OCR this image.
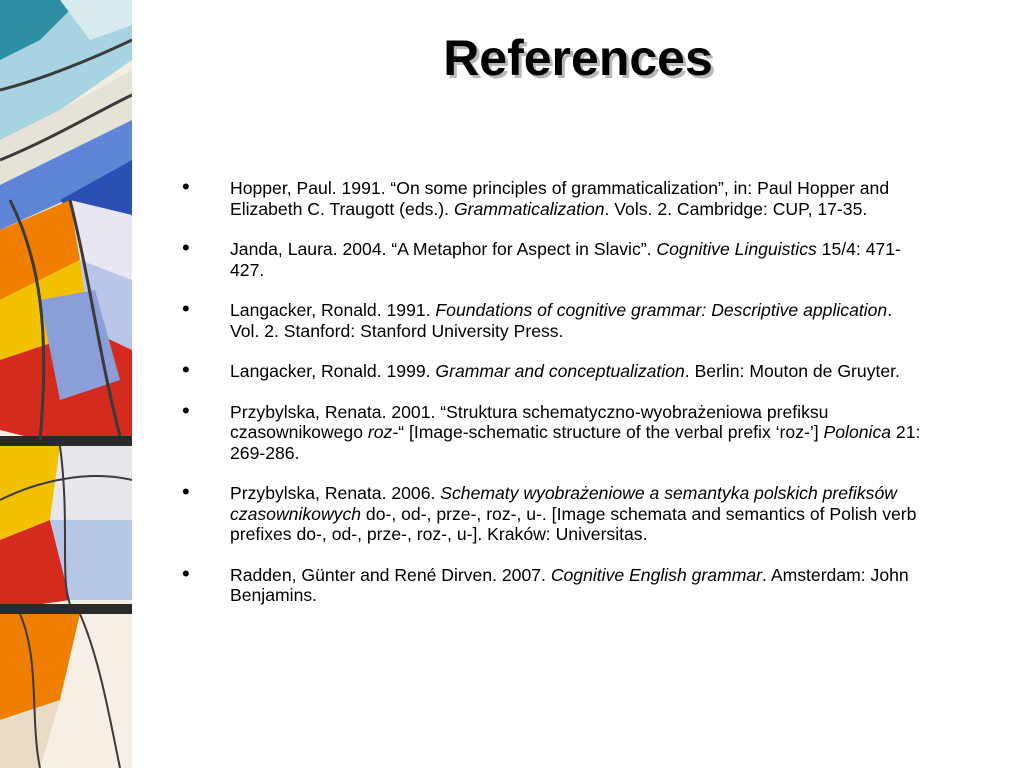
References
• Hopper, Paul. 1991. “On some principles of grammaticalization”, in: Paul Hopper and Elizabeth C. Traugott (eds.). Grammaticalization. Vols. 2. Cambridge: CUP, 17-35.
• Janda, Laura. 2004. “A Metaphor for Aspect in Slavic”. Cognitive Linguistics 15/4: 471-427.
• Langacker, Ronald. 1991. Foundations of cognitive grammar: Descriptive application. Vol. 2. Stanford: Stanford University Press.
• Langacker, Ronald. 1999. Grammar and conceptualization. Berlin: Mouton de Gruyter.
• Przybylska, Renata. 2001. “Struktura schematyczno-wyobrażeniowa prefiksu czasownikowego roz-“ [Image-schematic structure of the verbal prefix ‘roz-’] Polonica 21: 269-286.
• Przybylska, Renata. 2006. Schematy wyobrażeniowe a semantyka polskich prefiksów czasownikowych do-, od-, prze-, roz-, u-. [Image schemata and semantics of Polish verb prefixes do-, od-, prze-, roz-, u-]. Kraków: Universitas.
• Radden, Günter and René Dirven. 2007. Cognitive English grammar. Amsterdam: John Benjamins.
